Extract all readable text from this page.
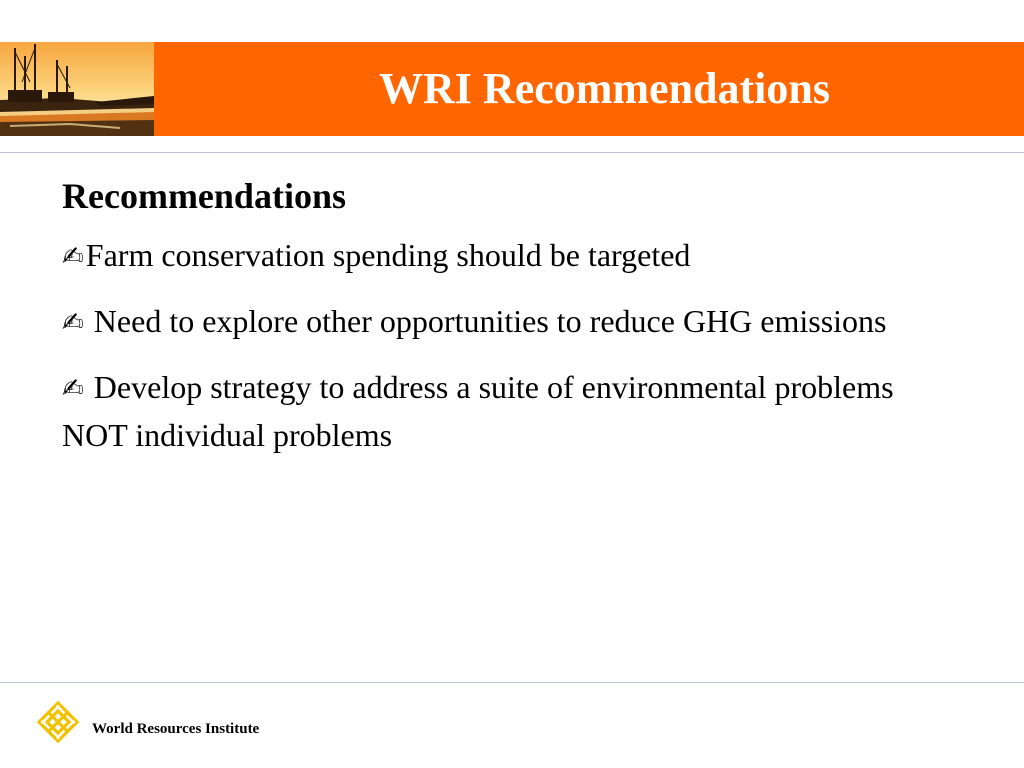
WRI Recommendations
Recommendations
✍Farm conservation spending should be targeted
✍ Need to explore other opportunities to reduce GHG emissions
✍ Develop strategy to address a suite of environmental problems NOT individual problems
World Resources Institute
